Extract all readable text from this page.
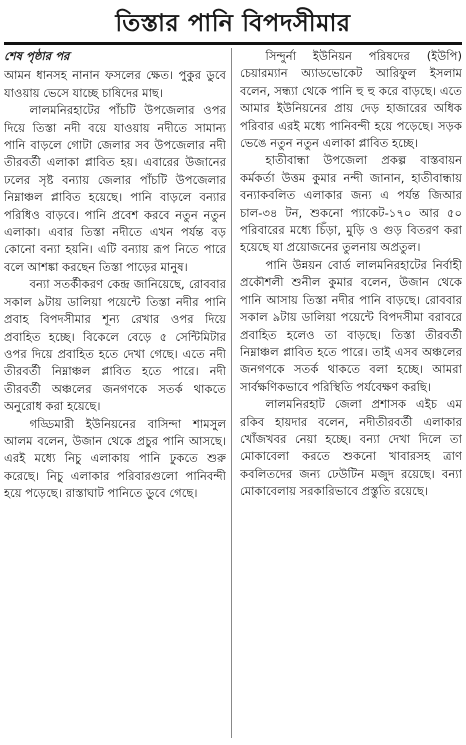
তিস্তার পানি বিপদসীমার
শেষ পৃষ্ঠার পর

আমন ধানসহ নানান ফসলের ক্ষেত। পুকুর ডুবে যাওয়ায় ভেসে যাচ্ছে চাষিদের মাছ।

লালমনিরহাটের পাঁচটি উপজেলার ওপর দিয়ে তিস্তা নদী বয়ে যাওয়ায় নদীতে সামান্য পানি বাড়লে গোটা জেলার সব উপজেলার নদী তীরবর্তী এলাকা প্লাবিত হয়। এবারের উজানের ঢলের সৃষ্ট বন্যায় জেলার পাঁচটি উপজেলার নিম্নাঞ্চল প্লাবিত হয়েছে। পানি বাড়লে বন্যার পরিধিও বাড়বে। পানি প্রবেশ করবে নতুন নতুন এলাকা। এবার তিস্তা নদীতে এখন পর্যন্ত বড় কোনো বন্যা হয়নি। এটি বন্যায় রূপ নিতে পারে বলে আশঙ্কা করছেন তিস্তা পাড়ের মানুষ।

বন্যা সতর্কীকরণ কেন্দ্র জানিয়েছে, রোববার সকাল ৯টায় ডালিয়া পয়েন্টে তিস্তা নদীর পানি প্রবাহ বিপদসীমার শূন্য রেখার ওপর দিয়ে প্রবাহিত হচ্ছে। বিকেলে বেড়ে ৫ সেন্টিমিটার ওপর দিয়ে প্রবাহিত হতে দেখা গেছে। এতে নদী তীরবর্তী নিম্নাঞ্চল প্লাবিত হতে পারে। নদী তীরবর্তী অঞ্চলের জনগণকে সতর্ক থাকতে অনুরোধ করা হয়েছে।

গড্ডিমারী ইউনিয়নের বাসিন্দা শামসুল আলম বলেন, উজান থেকে প্রচুর পানি আসছে। এরই মধ্যে নিচু এলাকায় পানি ঢুকতে শুরু করেছে। নিচু এলাকার পরিবারগুলো পানিবন্দী হয়ে পড়েছে। রাস্তাঘাট পানিতে ডুবে গেছে।

সিন্দুর্না ইউনিয়ন পরিষদের (ইউপি) চেয়ারম্যান অ্যাডভোকেট আরিফুল ইসলাম বলেন, সন্ধ্যা থেকে পানি হু হু করে বাড়ছে। এতে আমার ইউনিয়নের প্রায় দেড় হাজারের অধিক পরিবার এরই মধ্যে পানিবন্দী হয়ে পড়েছে। সড়ক ভেঙে নতুন নতুন এলাকা প্লাবিত হচ্ছে।

হাতীবান্ধা উপজেলা প্রকল্প বাস্তবায়ন কর্মকর্তা উত্তম কুমার নন্দী জানান, হাতীবান্ধায় বন্যাকবলিত এলাকার জন্য এ পর্যন্ত জিআর চাল-৩৪ টন, শুকনো প্যাকেট-১৭০ আর ৫০ পরিবারের মধ্যে চিঁড়া, মুড়ি ও গুড় বিতরণ করা হয়েছে যা প্রয়োজনের তুলনায় অপ্রতুল।

পানি উন্নয়ন বোর্ড লালমনিরহাটের নির্বাহী প্রকৌশলী শুনীল কুমার বলেন, উজান থেকে পানি আসায় তিস্তা নদীর পানি বাড়ছে। রোববার সকাল ৯টায় ডালিয়া পয়েন্টে বিপদসীমা বরাবরে প্রবাহিত হলেও তা বাড়ছে। তিস্তা তীরবর্তী নিম্নাঞ্চল প্লাবিত হতে পারে। তাই এসব অঞ্চলের জনগণকে সতর্ক থাকতে বলা হচ্ছে। আমরা সার্বক্ষণিকভাবে পরিস্থিতি পর্যবেক্ষণ করছি।

লালমনিরহাট জেলা প্রশাসক এইচ এম রকিব হায়দার বলেন, নদীতীরবর্তী এলাকার খোঁজখবর নেয়া হচ্ছে। বন্যা দেখা দিলে তা মোকাবেলা করতে শুকনো খাবারসহ ত্রাণ কবলিতদের জন্য ঢেউটিন মজুদ রয়েছে। বন্যা মোকাবেলায় সরকারিভাবে প্রস্তুতি রয়েছে।
